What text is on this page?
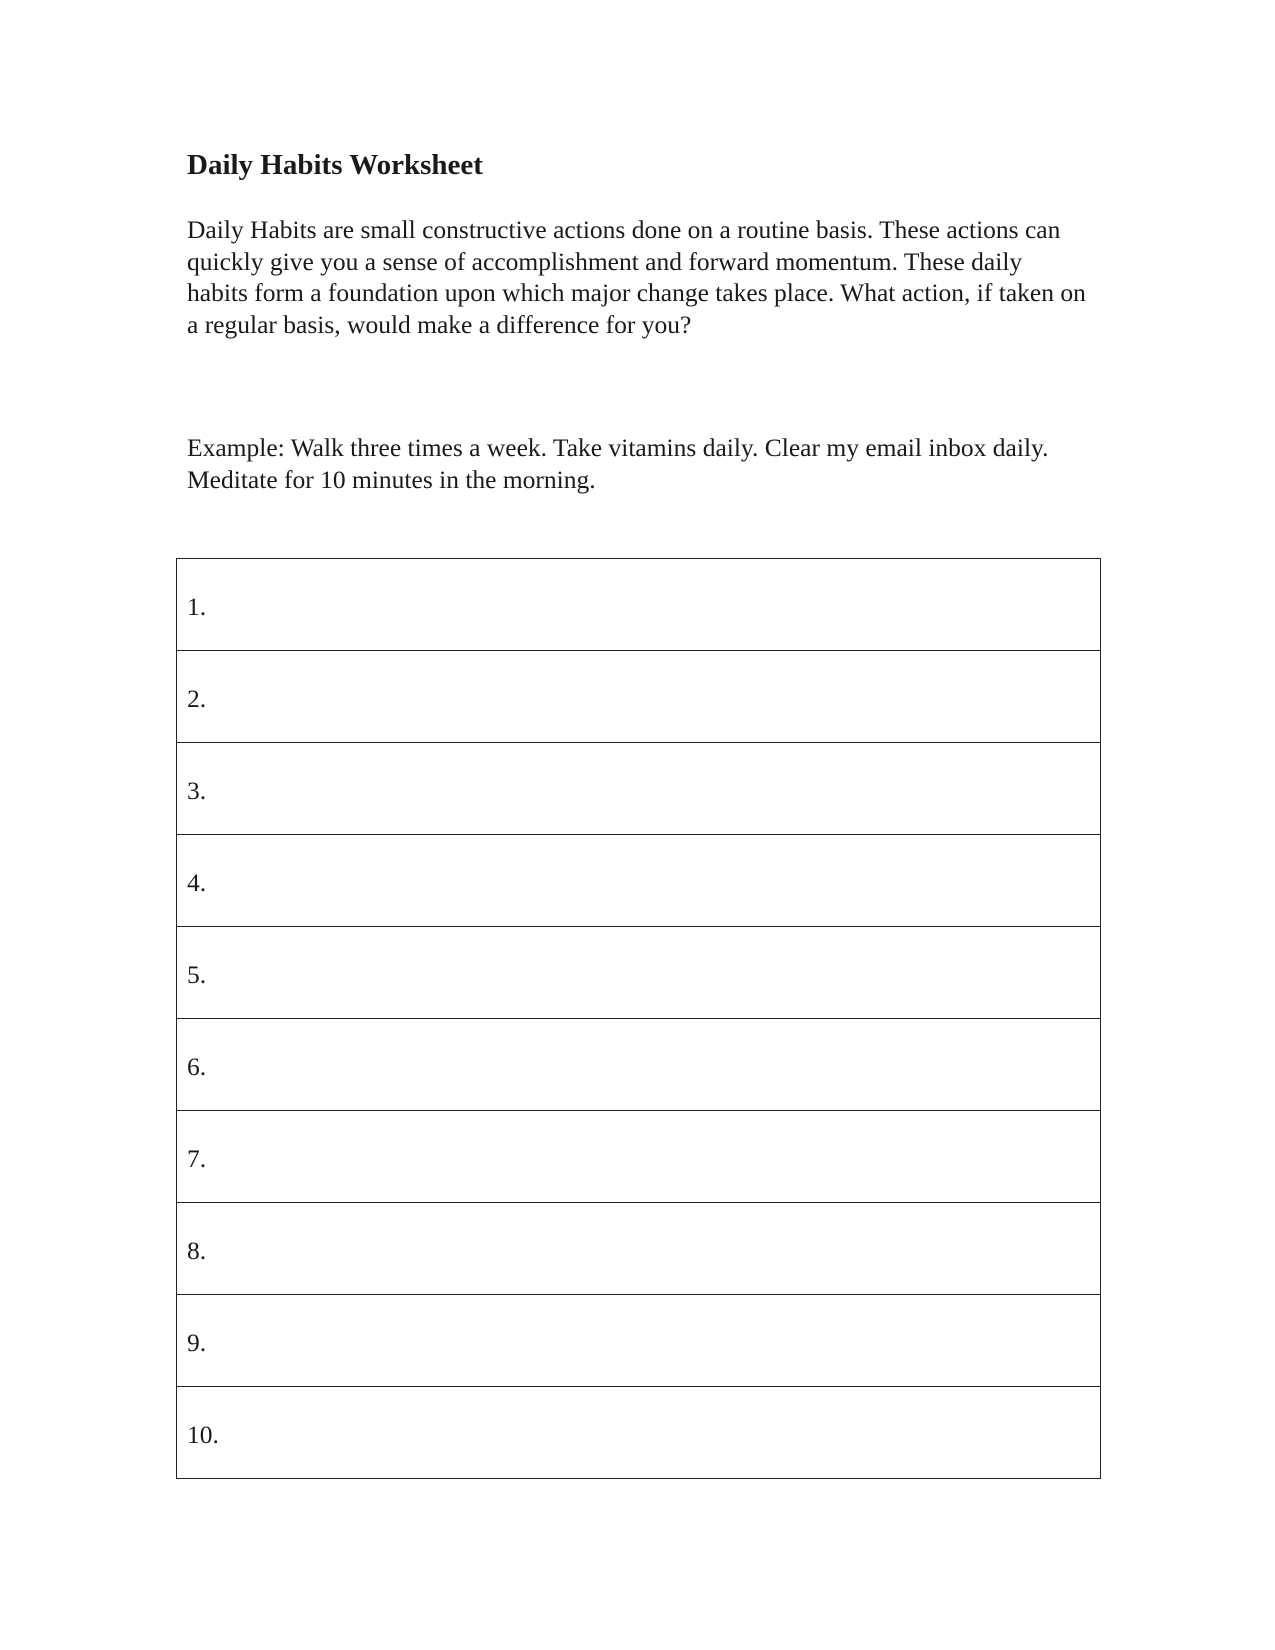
Daily Habits Worksheet

Daily Habits are small constructive actions done on a routine basis. These actions can quickly give you a sense of accomplishment and forward momentum. These daily habits form a foundation upon which major change takes place. What action, if taken on a regular basis, would make a difference for you?

Example: Walk three times a week. Take vitamins daily. Clear my email inbox daily. Meditate for 10 minutes in the morning.

1.
2.
3.
4.
5.
6.
7.
8.
9.
10.
